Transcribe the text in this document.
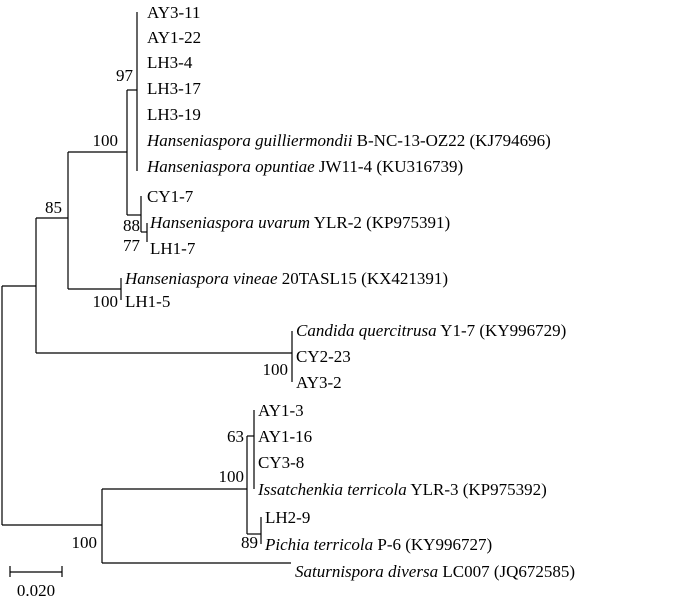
AY3-11
AY1-22
LH3-4
LH3-17
LH3-19
Hanseniaspora guilliermondii B-NC-13-OZ22 (KJ794696)
Hanseniaspora opuntiae JW11-4 (KU316739)
CY1-7
Hanseniaspora uvarum YLR-2 (KP975391)
LH1-7
Hanseniaspora vineae 20TASL15 (KX421391)
LH1-5
Candida quercitrusa Y1-7 (KY996729)
CY2-23
AY3-2
AY1-3
AY1-16
CY3-8
Issatchenkia terricola YLR-3 (KP975392)
LH2-9
Pichia terricola P-6 (KY996727)
Saturnispora diversa LC007 (JQ672585)
97
100
85
88
77
100
100
63
100
89
100
0.020
